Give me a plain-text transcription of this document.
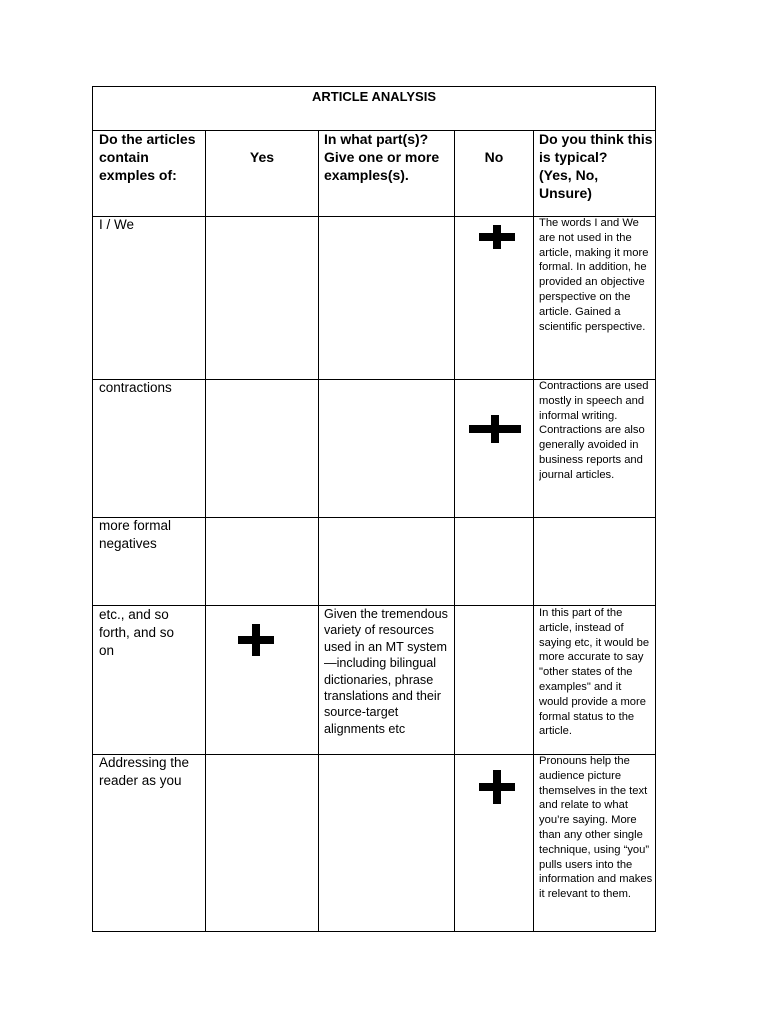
ARTICLE ANALYSIS
Do the articles
contain
exmples of:
Yes
In what part(s)?
Give one or more
examples(s).
No
Do you think this
is typical?
(Yes, No,
Unsure)
I / We	The words I and We are not used in the article, making it more formal. In addition, he provided an objective perspective on the article. Gained a scientific perspective.
contractions	Contractions are used mostly in speech and informal writing. Contractions are also generally avoided in business reports and journal articles.
more formal
negatives
etc., and so
forth, and so
on
Given the tremendous variety of resources used in an MT system—including bilingual dictionaries, phrase translations and their source-target alignments etc
In this part of the article, instead of saying etc, it would be more accurate to say "other states of the examples" and it would provide a more formal status to the article.
Addressing the
reader as you
Pronouns help the audience picture themselves in the text and relate to what you’re saying. More than any other single technique, using “you” pulls users into the information and makes it relevant to them.
